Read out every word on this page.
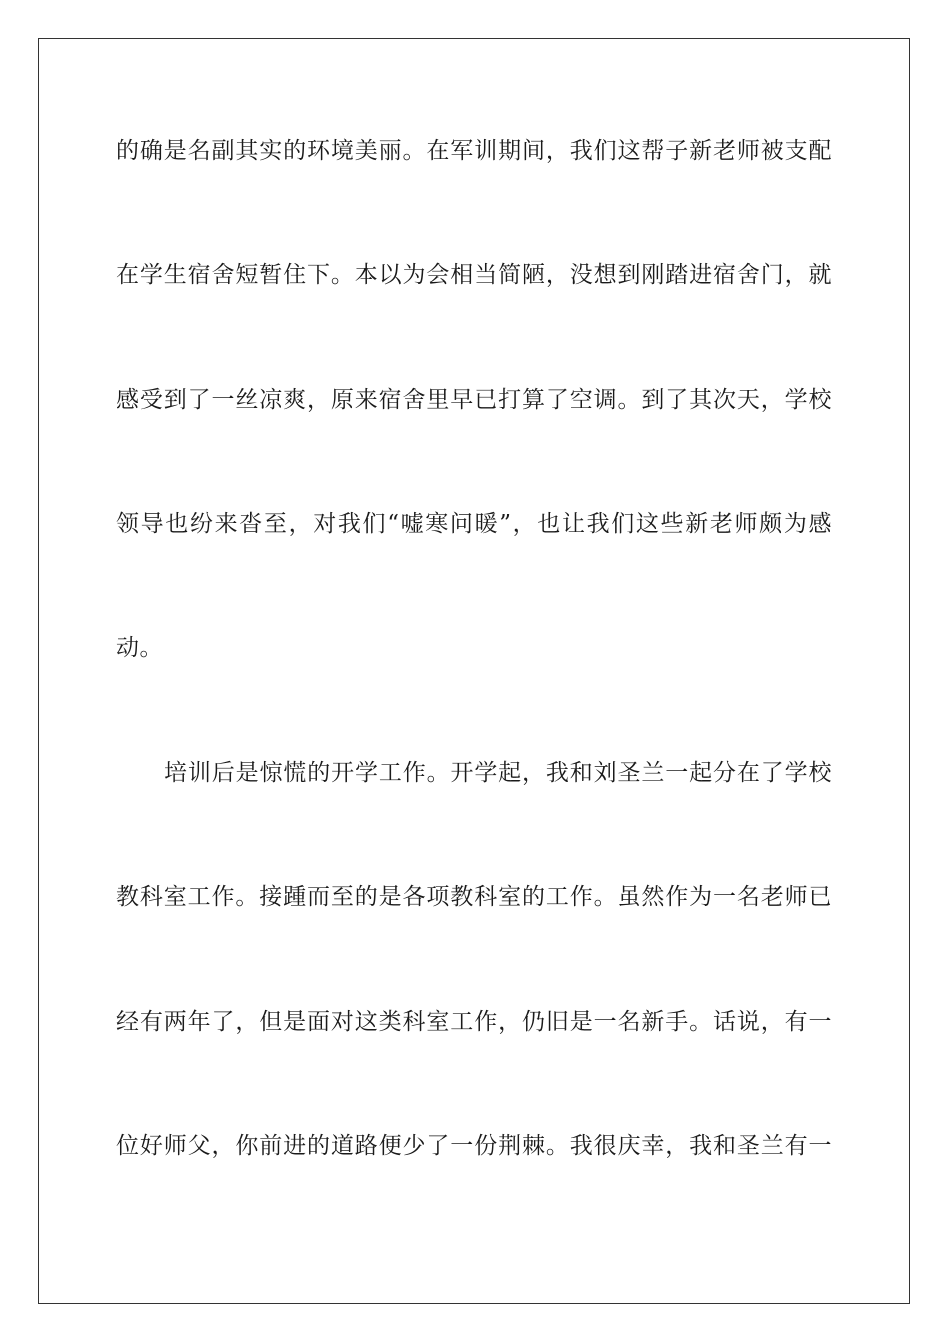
的确是名副其实的环境美丽。在军训期间，我们这帮子新老师被支配
在学生宿舍短暂住下。本以为会相当简陋，没想到刚踏进宿舍门，就
感受到了一丝凉爽，原来宿舍里早已打算了空调。到了其次天，学校
领导也纷来沓至，对我们“嘘寒问暖”，也让我们这些新老师颇为感
动。
培训后是惊慌的开学工作。开学起，我和刘圣兰一起分在了学校
教科室工作。接踵而至的是各项教科室的工作。虽然作为一名老师已
经有两年了，但是面对这类科室工作，仍旧是一名新手。话说，有一
位好师父，你前进的道路便少了一份荆棘。我很庆幸，我和圣兰有一
